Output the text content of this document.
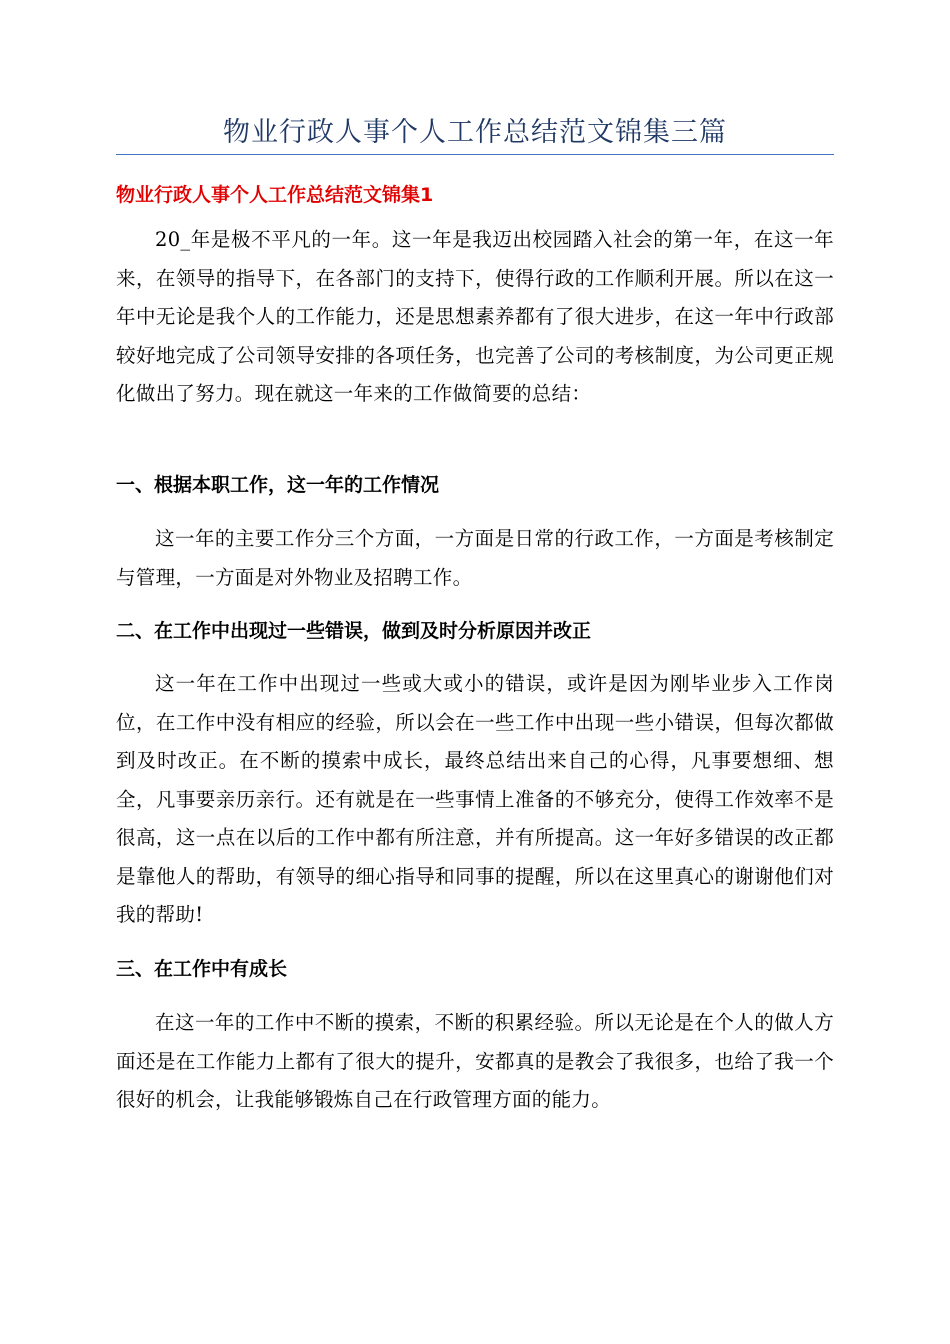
物业行政人事个人工作总结范文锦集三篇
物业行政人事个人工作总结范文锦集1

20_年是极不平凡的一年。这一年是我迈出校园踏入社会的第一年，在这一年来，在领导的指导下，在各部门的支持下，使得行政的工作顺利开展。所以在这一年中无论是我个人的工作能力，还是思想素养都有了很大进步，在这一年中行政部较好地完成了公司领导安排的各项任务，也完善了公司的考核制度，为公司更正规化做出了努力。现在就这一年来的工作做简要的总结：

一、根据本职工作，这一年的工作情况

这一年的主要工作分三个方面，一方面是日常的行政工作，一方面是考核制定与管理，一方面是对外物业及招聘工作。

二、在工作中出现过一些错误，做到及时分析原因并改正

这一年在工作中出现过一些或大或小的错误，或许是因为刚毕业步入工作岗位，在工作中没有相应的经验，所以会在一些工作中出现一些小错误，但每次都做到及时改正。在不断的摸索中成长，最终总结出来自己的心得，凡事要想细、想全，凡事要亲历亲行。还有就是在一些事情上准备的不够充分，使得工作效率不是很高，这一点在以后的工作中都有所注意，并有所提高。这一年好多错误的改正都是靠他人的帮助，有领导的细心指导和同事的提醒，所以在这里真心的谢谢他们对我的帮助!

三、在工作中有成长

在这一年的工作中不断的摸索，不断的积累经验。所以无论是在个人的做人方面还是在工作能力上都有了很大的提升，安都真的是教会了我很多，也给了我一个很好的机会，让我能够锻炼自己在行政管理方面的能力。
